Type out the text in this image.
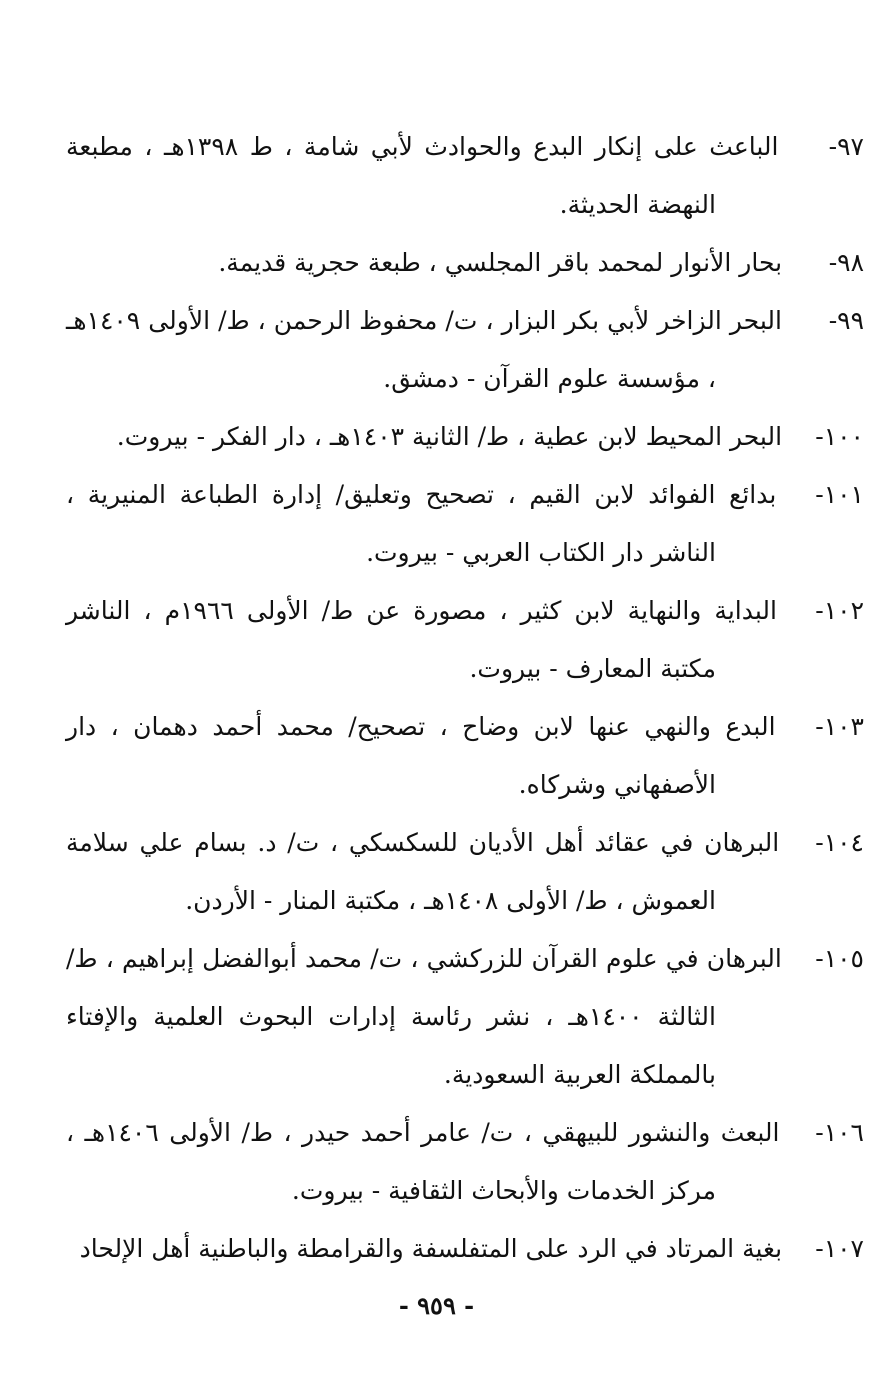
٩٧- الباعث على إنكار البدع والحوادث لأبي شامة ، ط ١٣٩٨هـ ، مطبعة النهضة الحديثة.

٩٨- بحار الأنوار لمحمد باقر المجلسي ، طبعة حجرية قديمة.

٩٩- البحر الزاخر لأبي بكر البزار ، ت/ محفوظ الرحمن ، ط/ الأولى ١٤٠٩هـ ، مؤسسة علوم القرآن - دمشق.

١٠٠- البحر المحيط لابن عطية ، ط/ الثانية ١٤٠٣هـ ، دار الفكر - بيروت.

١٠١- بدائع الفوائد لابن القيم ، تصحيح وتعليق/ إدارة الطباعة المنيرية ، الناشر دار الكتاب العربي - بيروت.

١٠٢- البداية والنهاية لابن كثير ، مصورة عن ط/ الأولى ١٩٦٦م ، الناشر مكتبة المعارف - بيروت.

١٠٣- البدع والنهي عنها لابن وضاح ، تصحيح/ محمد أحمد دهمان ، دار الأصفهاني وشركاه.

١٠٤- البرهان في عقائد أهل الأديان للسكسكي ، ت/ د. بسام علي سلامة العموش ، ط/ الأولى ١٤٠٨هـ ، مكتبة المنار - الأردن.

١٠٥- البرهان في علوم القرآن للزركشي ، ت/ محمد أبوالفضل إبراهيم ، ط/ الثالثة ١٤٠٠هـ ، نشر رئاسة إدارات البحوث العلمية والإفتاء بالمملكة العربية السعودية.

١٠٦- البعث والنشور للبيهقي ، ت/ عامر أحمد حيدر ، ط/ الأولى ١٤٠٦هـ ، مركز الخدمات والأبحاث الثقافية - بيروت.

١٠٧- بغية المرتاد في الرد على المتفلسفة والقرامطة والباطنية أهل الإلحاد

- ٩٥٩ -
